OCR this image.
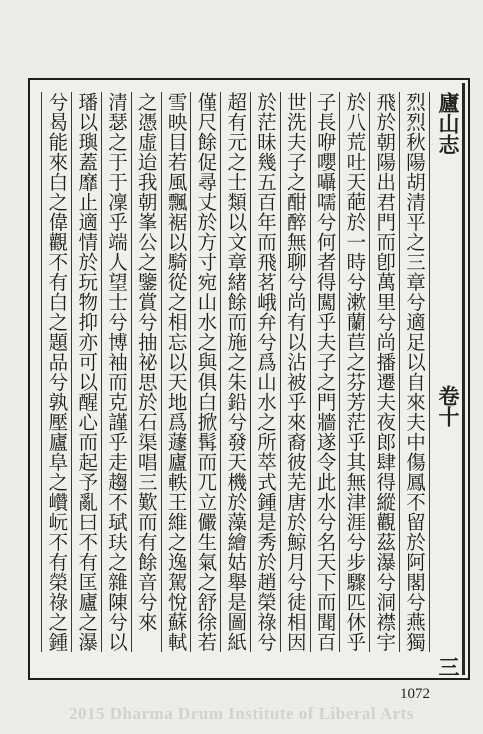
廬山志
卷十
三
烈烈秋陽胡清平之三章兮適足以自來夫中傷鳳不留於阿閣兮燕獨
飛於朝陽出君門而卽萬里兮尚播遷夫夜郎肆得縱觀茲瀑兮洞襟宇
於八荒吐天葩於一時兮漱蘭苣之芬芳茫乎其無津涯兮步驟匹休乎
子長咿嚶囁嚅兮何者得闖乎夫子之門牆遂令此水兮名天下而聞百
世洗夫子之酣醉無聊兮尚有以沾被乎來裔彼芜唐於鯨月兮徒相因
於茫昧幾五百年而飛茗峨弁兮爲山水之所萃式鍾是秀於趙榮祿兮
超有元之士類以文章緒餘而施之朱鉛兮發天機於藻繪姑舉是圖紙
僅尺餘促尋丈於方寸宛山水之與俱白掀髯而兀立儼生氣之舒徐若
雪映目若風飄裾以騎從之相忘以天地爲蘧廬軼王維之逸駕悅蘇軾
之憑虛迨我朝峯公之鑒賞兮抽祕思於石渠唱三歎而有餘音兮來
清瑟之于于凜乎端人望士兮博袖而克謹乎走趨不珷玞之雜陳兮以
璠以璵蓋靡止適情於玩物抑亦可以醒心而起予亂曰不有匡廬之瀑
兮曷能來白之偉觀不有白之題品兮孰壓廬阜之巑岏不有榮祿之鍾
1072
2015 Dharma Drum Institute of Liberal Arts
